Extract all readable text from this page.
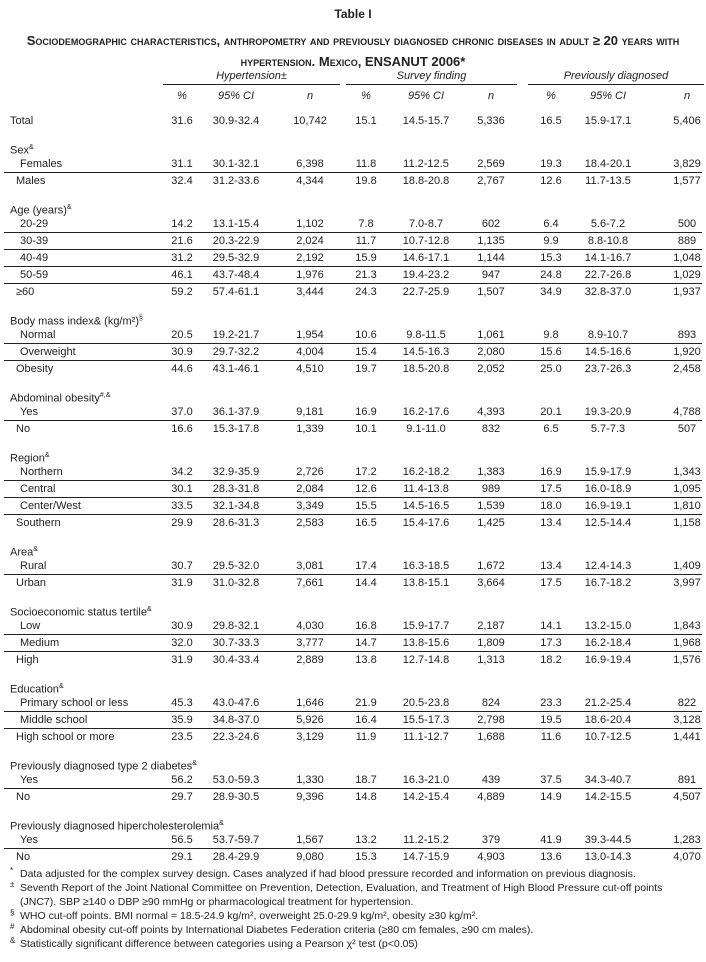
Table I
Sociodemographic characteristics, anthropometry and previously diagnosed chronic diseases in adult ≥ 20 years with hypertension. Mexico, ENSANUT 2006*
Hypertension±	Survey finding	Previously diagnosed
%	95% CI	n	%	95% CI	n	%	95% CI	n
Total	31.6 30.9-32.4	10,742	15.1 14.5-15.7	5,336	16.5 15.9-17.1	5,406
Sex&
Females	31.1 30.1-32.1	6,398	11.8 11.2-12.5	2,569	19.3 18.4-20.1	3,829
Males	32.4 31.2-33.6	4,344	19.8 18.8-20.8	2,767	12.6 11.7-13.5	1,577
Age (years)&
20-29	14.2 13.1-15.4	1,102	7.8	7.0-8.7	602	6.4	5.6-7.2	500
30-39	21.6 20.3-22.9	2,024	11.7 10.7-12.8	1,135	9.9	8.8-10.8	889
40-49	31.2 29.5-32.9	2,192	15.9 14.6-17.1	1,144	15.3 14.1-16.7	1,048
50-59	46.1 43.7-48.4	1,976	21.3 19.4-23.2	947	24.8 22.7-26.8	1,029
≥60	59.2 57.4-61.1	3,444	24.3 22.7-25.9	1,507	34.9 32.8-37.0	1,937
Body mass index& (kg/m²)§
Normal	20.5 19.2-21.7	1,954	10.6	9.8-11.5	1,061	9.8	8.9-10.7	893
Overweight	30.9 29.7-32.2	4,004	15.4 14.5-16.3	2,080	15.6 14.5-16.6	1,920
Obesity	44.6 43.1-46.1	4,510	19.7 18.5-20.8	2,052	25.0 23.7-26.3	2,458
Abdominal obesity#,&
Yes	37.0 36.1-37.9	9,181	16.9 16.2-17.6	4,393	20.1 19.3-20.9	4,788
No	16.6 15.3-17.8	1,339	10.1	9.1-11.0	832	6.5	5.7-7.3	507
Region&
Northern	34.2 32.9-35.9	2,726	17.2 16.2-18.2	1,383	16.9 15.9-17.9	1,343
Central	30.1 28.3-31.8	2,084	12.6 11.4-13.8	989	17.5 16.0-18.9	1,095
Center/West	33.5 32.1-34.8	3,349	15.5 14.5-16.5	1,539	18.0 16.9-19.1	1,810
Southern	29.9 28.6-31.3	2,583	16.5 15.4-17.6	1,425	13.4 12.5-14.4	1,158
Area&
Rural	30.7 29.5-32.0	3,081	17.4 16.3-18.5	1,672	13.4 12.4-14.3	1,409
Urban	31.9 31.0-32.8	7,661	14.4 13.8-15.1	3,664	17.5 16.7-18.2	3,997
Socioeconomic status tertile&
Low	30.9 29.8-32.1	4,030	16.8 15.9-17.7	2,187	14.1 13.2-15.0	1,843
Medium	32.0 30.7-33.3	3,777	14.7 13.8-15.6	1,809	17.3 16.2-18.4	1,968
High	31.9 30.4-33.4	2,889	13.8 12.7-14.8	1,313	18.2 16.9-19.4	1,576
Education&
Primary school or less	45.3 43.0-47.6	1,646	21.9 20.5-23.8	824	23.3 21.2-25.4	822
Middle school	35.9 34.8-37.0	5,926	16.4 15.5-17.3	2,798	19.5 18.6-20.4	3,128
High school or more	23.5 22.3-24.6	3,129	11.9 11.1-12.7	1,688	11.6 10.7-12.5	1,441
Previously diagnosed type 2 diabetes&
Yes	56.2 53.0-59.3	1,330	18.7 16.3-21.0	439	37.5 34.3-40.7	891
No	29.7 28.9-30.5	9,396	14.8 14.2-15.4	4,889	14.9 14.2-15.5	4,507
Previously diagnosed hipercholesterolemia&
Yes	56.5 53.7-59.7	1,567	13.2 11.2-15.2	379	41.9 39.3-44.5	1,283
No	29.1 28.4-29.9	9,080	15.3 14.7-15.9	4,903	13.6 13.0-14.3	4,070
* Data adjusted for the complex survey design. Cases analyzed if had blood pressure recorded and information on previous diagnosis.
± Seventh Report of the Joint National Committee on Prevention, Detection, Evaluation, and Treatment of High Blood Pressure cut-off points (JNC7). SBP ≥140 o DBP ≥90 mmHg or pharmacological treatment for hypertension.
§ WHO cut-off points. BMI normal = 18.5-24.9 kg/m², overweight 25.0-29.9 kg/m², obesity ≥30 kg/m².
# Abdominal obesity cut-off points by International Diabetes Federation criteria (≥80 cm females, ≥90 cm males).
& Statistically significant difference between categories using a Pearson χ² test (p<0.05)
